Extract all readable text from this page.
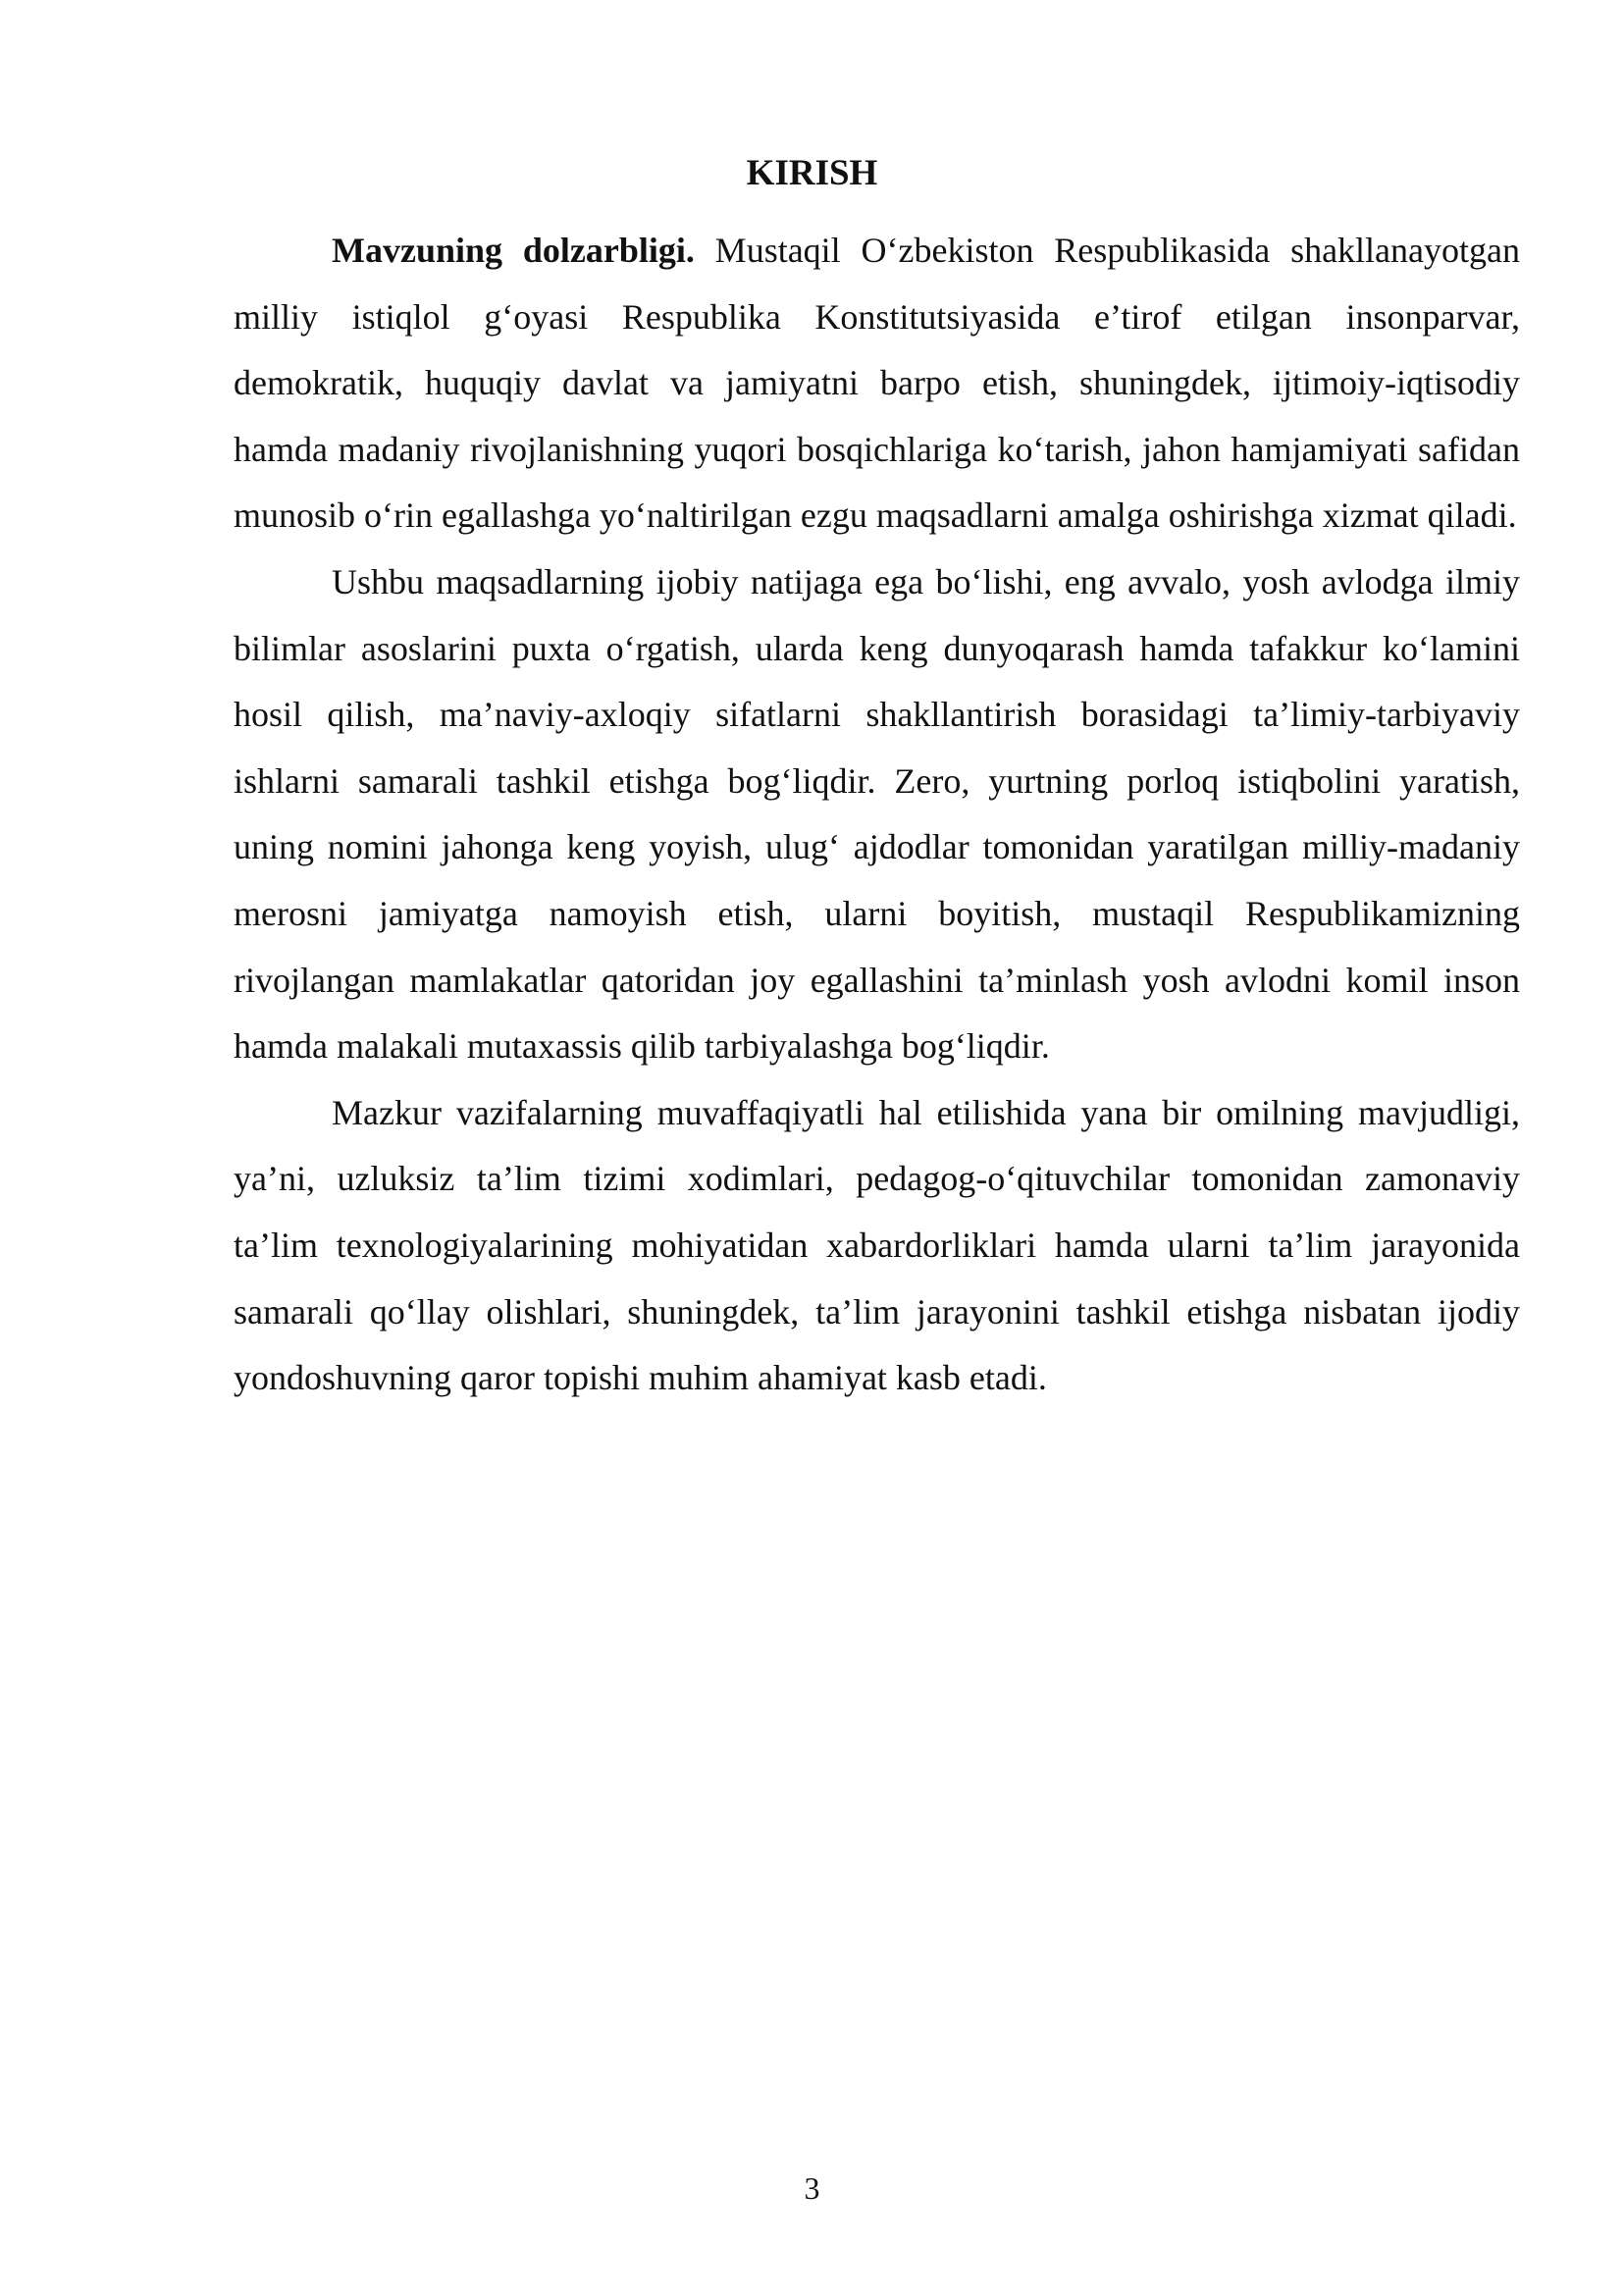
KIRISH

Mavzuning dolzarbligi. Mustaqil O‘zbekiston Respublikasida shakllanayotgan milliy istiqlol g‘oyasi Respublika Konstitutsiyasida e’tirof etilgan insonparvar, demokratik, huquqiy davlat va jamiyatni barpo etish, shuningdek, ijtimoiy-iqtisodiy hamda madaniy rivojlanishning yuqori bosqichlariga ko‘tarish, jahon hamjamiyati safidan munosib o‘rin egallashga yo‘naltirilgan ezgu maqsadlarni amalga oshirishga xizmat qiladi.

Ushbu maqsadlarning ijobiy natijaga ega bo‘lishi, eng avvalo, yosh avlodga ilmiy bilimlar asoslarini puxta o‘rgatish, ularda keng dunyoqarash hamda tafakkur ko‘lamini hosil qilish, ma’naviy-axloqiy sifatlarni shakllantirish borasidagi ta’limiy-tarbiyaviy ishlarni samarali tashkil etishga bog‘liqdir. Zero, yurtning porloq istiqbolini yaratish, uning nomini jahonga keng yoyish, ulug‘ ajdodlar tomonidan yaratilgan milliy-madaniy merosni jamiyatga namoyish etish, ularni boyitish, mustaqil Respublikamizning rivojlangan mamlakatlar qatoridan joy egallashini ta’minlash yosh avlodni komil inson hamda malakali mutaxassis qilib tarbiyalashga bog‘liqdir.

Mazkur vazifalarning muvaffaqiyatli hal etilishida yana bir omilning mavjudligi, ya’ni, uzluksiz ta’lim tizimi xodimlari, pedagog-o‘qituvchilar tomonidan zamonaviy ta’lim texnologiyalarining mohiyatidan xabardorliklari hamda ularni ta’lim jarayonida samarali qo‘llay olishlari, shuningdek, ta’lim jarayonini tashkil etishga nisbatan ijodiy yondoshuvning qaror topishi muhim ahamiyat kasb etadi.

3
